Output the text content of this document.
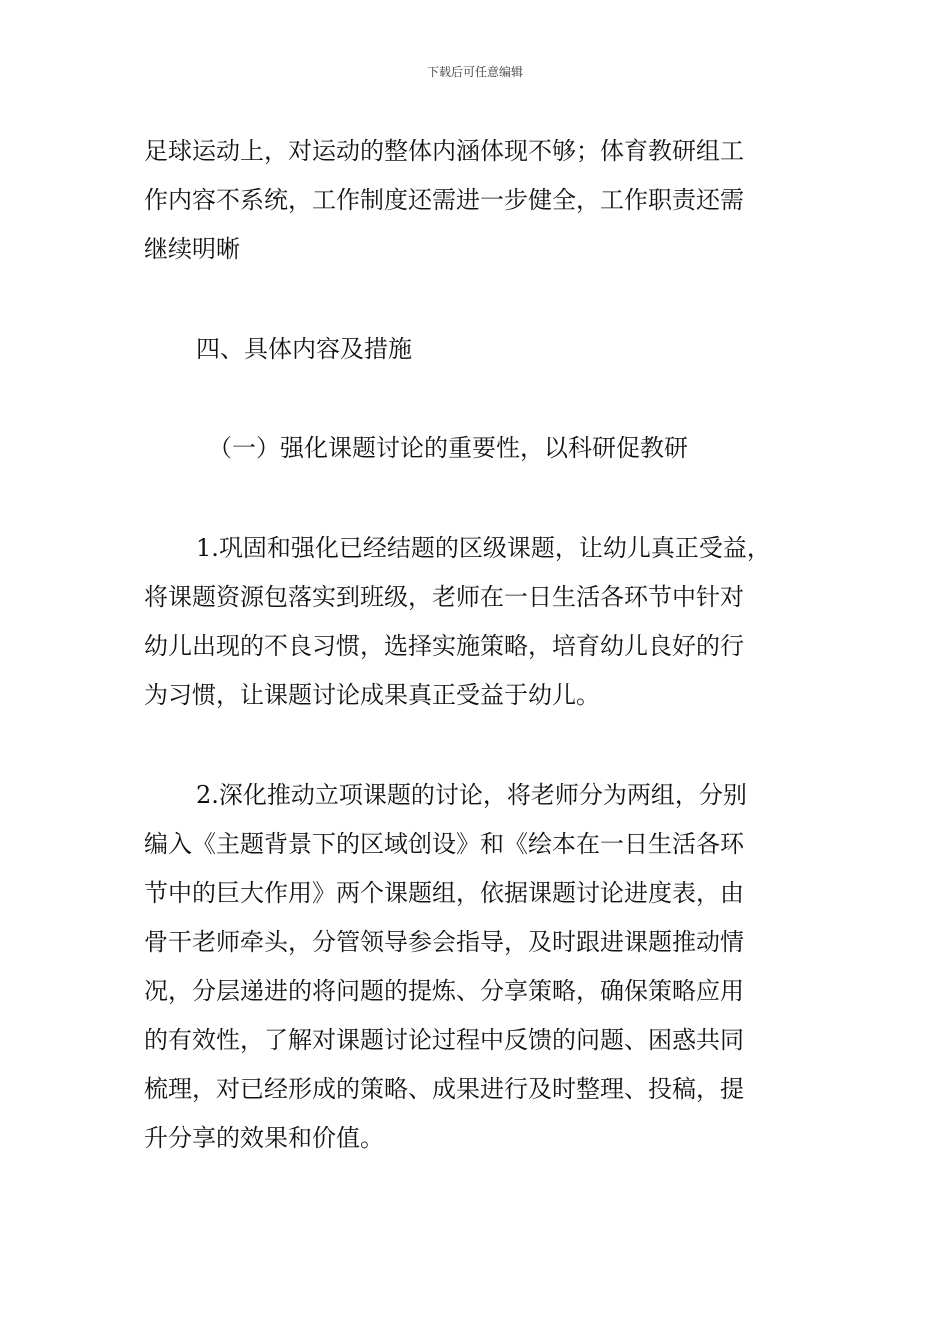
下载后可任意编辑

足球运动上，对运动的整体内涵体现不够；体育教研组工
作内容不系统，工作制度还需进一步健全，工作职责还需
继续明晰
四、具体内容及措施
（一）强化课题讨论的重要性，以科研促教研
1.巩固和强化已经结题的区级课题，让幼儿真正受益，
将课题资源包落实到班级，老师在一日生活各环节中针对
幼儿出现的不良习惯，选择实施策略，培育幼儿良好的行
为习惯，让课题讨论成果真正受益于幼儿。
2.深化推动立项课题的讨论，将老师分为两组，分别
编入《主题背景下的区域创设》和《绘本在一日生活各环
节中的巨大作用》两个课题组，依据课题讨论进度表，由
骨干老师牵头，分管领导参会指导，及时跟进课题推动情
况，分层递进的将问题的提炼、分享策略，确保策略应用
的有效性，了解对课题讨论过程中反馈的问题、困惑共同
梳理，对已经形成的策略、成果进行及时整理、投稿，提
升分享的效果和价值。
